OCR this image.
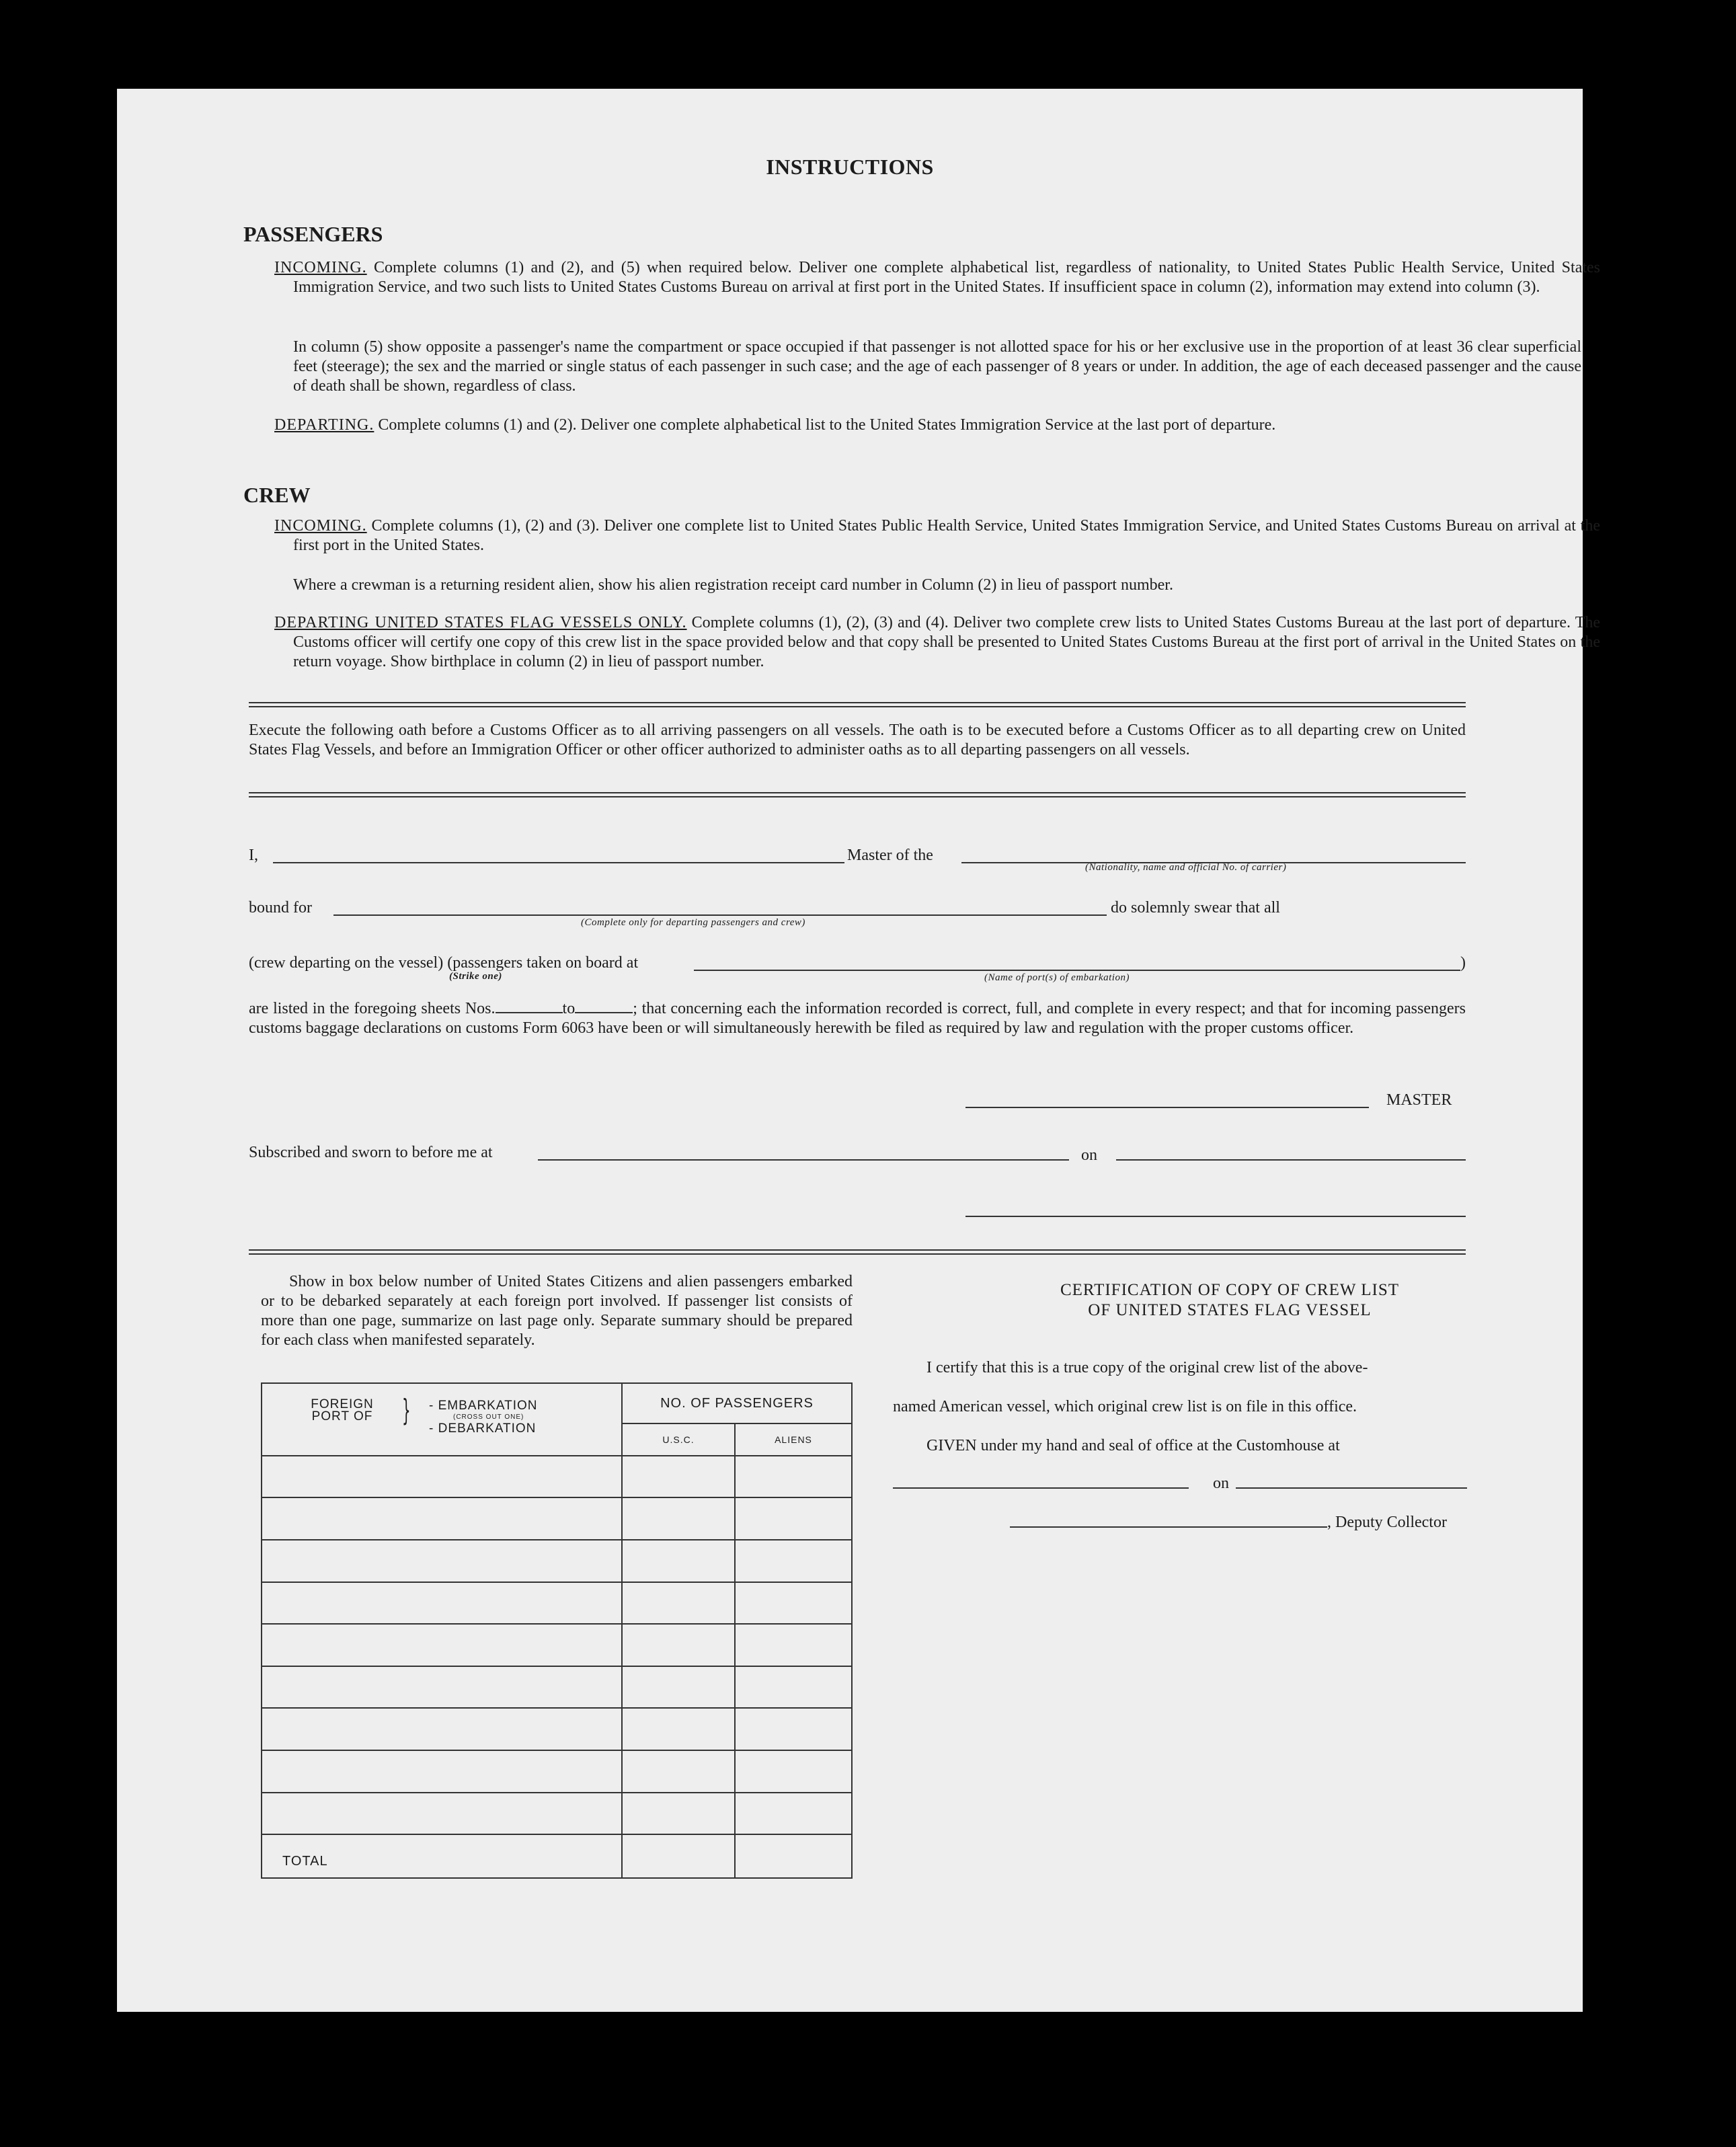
INSTRUCTIONS
PASSENGERS
INCOMING. Complete columns (1) and (2), and (5) when required below. Deliver one complete alphabetical list, regardless of nationality, to United States Public Health Service, United States Immigration Service, and two such lists to United States Customs Bureau on arrival at first port in the United States. If insufficient space in column (2), information may extend into column (3).
In column (5) show opposite a passenger's name the compartment or space occupied if that passenger is not allotted space for his or her exclusive use in the proportion of at least 36 clear superficial feet (steerage); the sex and the married or single status of each passenger in such case; and the age of each passenger of 8 years or under. In addition, the age of each deceased passenger and the cause of death shall be shown, regardless of class.
DEPARTING. Complete columns (1) and (2). Deliver one complete alphabetical list to the United States Immigration Service at the last port of departure.
CREW
INCOMING. Complete columns (1), (2) and (3). Deliver one complete list to United States Public Health Service, United States Immigration Service, and United States Customs Bureau on arrival at the first port in the United States.
Where a crewman is a returning resident alien, show his alien registration receipt card number in Column (2) in lieu of passport number.
DEPARTING UNITED STATES FLAG VESSELS ONLY. Complete columns (1), (2), (3) and (4). Deliver two complete crew lists to United States Customs Bureau at the last port of departure. The Customs officer will certify one copy of this crew list in the space provided below and that copy shall be presented to United States Customs Bureau at the first port of arrival in the United States on the return voyage. Show birthplace in column (2) in lieu of passport number.
Execute the following oath before a Customs Officer as to all arriving passengers on all vessels. The oath is to be executed before a Customs Officer as to all departing crew on United States Flag Vessels, and before an Immigration Officer or other officer authorized to administer oaths as to all departing passengers on all vessels.
I,	Master of the
(Nationality, name and official No. of carrier)
bound for
(Complete only for departing passengers and crew)
do solemnly swear that all
(crew departing on the vessel) (passengers taken on board at	)
(Strike one)	(Name of port(s) of embarkation)
are listed in the foregoing sheets Nos.	to	; that concerning each the information recorded is correct, full, and complete in every respect; and that for incoming passengers customs baggage declarations on customs Form 6063 have been or will simultaneously herewith be filed as required by law and regulation with the proper customs officer.
MASTER
Subscribed and sworn to before me at	on
Show in box below number of United States Citizens and alien passengers embarked or to be debarked separately at each foreign port involved. If passenger list consists of more than one page, summarize on last page only. Separate summary should be prepared for each class when manifested separately.
FOREIGN PORT OF } - EMBARKATION
(CROSS OUT ONE)
- DEBARKATION	NO. OF PASSENGERS	
	U.S.C.	ALIENS

TOTAL		

CERTIFICATION OF COPY OF CREW LIST
OF UNITED STATES FLAG VESSEL
I certify that this is a true copy of the original crew list of the above-
named American vessel, which original crew list is on file in this office.
GIVEN under my hand and seal of office at the Customhouse at
on
, Deputy Collector
